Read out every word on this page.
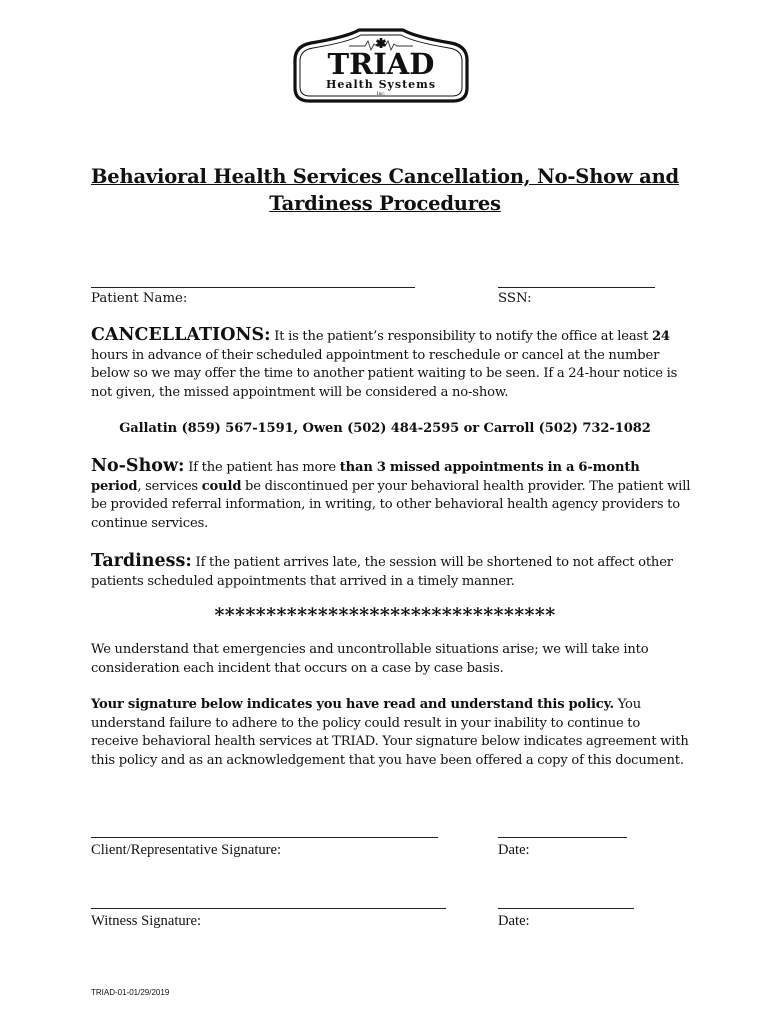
TRIAD
Health Systems
Inc.
Behavioral Health Services Cancellation, No-Show and
Tardiness Procedures
Patient Name:	SSN:
CANCELLATIONS: It is the patient’s responsibility to notify the office at least 24 hours in advance of their scheduled appointment to reschedule or cancel at the number below so we may offer the time to another patient waiting to be seen. If a 24-hour notice is not given, the missed appointment will be considered a no-show.
Gallatin (859) 567-1591, Owen (502) 484-2595 or Carroll (502) 732-1082
No-Show: If the patient has more than 3 missed appointments in a 6-month period, services could be discontinued per your behavioral health provider. The patient will be provided referral information, in writing, to other behavioral health agency providers to continue services.
Tardiness: If the patient arrives late, the session will be shortened to not affect other patients scheduled appointments that arrived in a timely manner.
*********************************
We understand that emergencies and uncontrollable situations arise; we will take into consideration each incident that occurs on a case by case basis.
Your signature below indicates you have read and understand this policy. You understand failure to adhere to the policy could result in your inability to continue to receive behavioral health services at TRIAD. Your signature below indicates agreement with this policy and as an acknowledgement that you have been offered a copy of this document.
Client/Representative Signature:	Date:
Witness Signature:	Date:
TRIAD-01-01/29/2019
